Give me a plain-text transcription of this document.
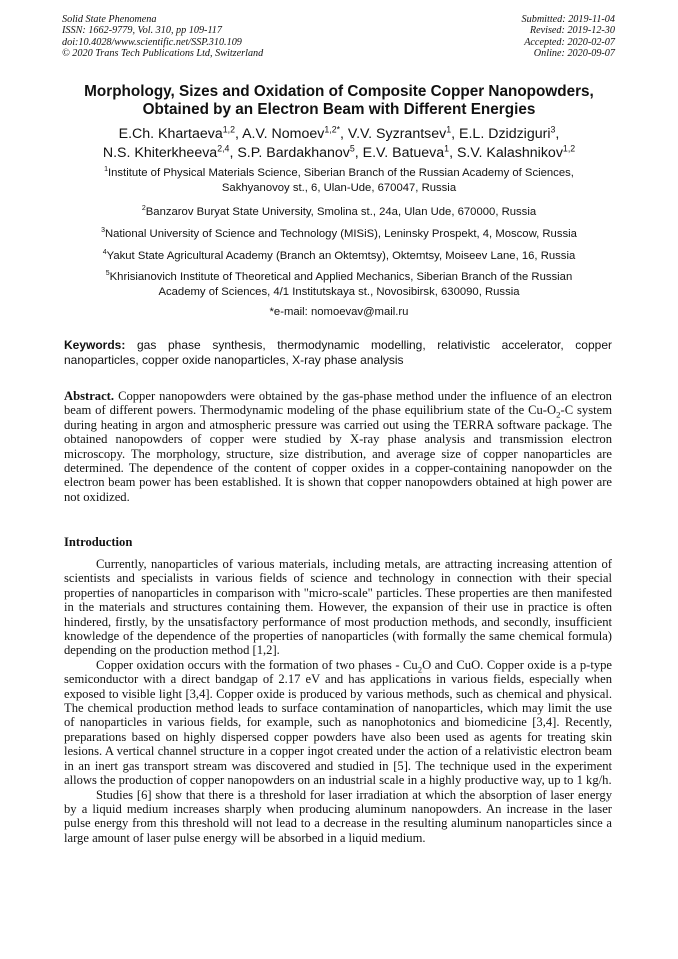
Solid State Phenomena
ISSN: 1662-9779, Vol. 310, pp 109-117
doi:10.4028/www.scientific.net/SSP.310.109
© 2020 Trans Tech Publications Ltd, Switzerland
Submitted: 2019-11-04
Revised: 2019-12-30
Accepted: 2020-02-07
Online: 2020-09-07
Morphology, Sizes and Oxidation of Composite Copper Nanopowders,
Obtained by an Electron Beam with Different Energies
E.Ch. Khartaeva$^{1,2}$, A.V. Nomoev$^{1,2*}$, V.V. Syzrantsev$^1$, E.L. Dzidziguri$^3$,
N.S. Khiterkheeva$^{2,4}$, S.P. Bardakhanov$^5$, E.V. Batueva$^1$, S.V. Kalashnikov$^{1,2}$
$^1$Institute of Physical Materials Science, Siberian Branch of the Russian Academy of Sciences,
Sakhyanovoy st., 6, Ulan-Ude, 670047, Russia
$^2$Banzarov Buryat State University, Smolina st., 24a, Ulan Ude, 670000, Russia
$^3$National University of Science and Technology (MISiS), Leninsky Prospekt, 4, Moscow, Russia
$^4$Yakut State Agricultural Academy (Branch an Oktemtsy), Oktemtsy, Moiseev Lane, 16, Russia
$^5$Khrisianovich Institute of Theoretical and Applied Mechanics, Siberian Branch of the Russian
Academy of Sciences, 4/1 Institutskaya st., Novosibirsk, 630090, Russia
*e-mail: nomoevav@mail.ru
Keywords: gas phase synthesis, thermodynamic modelling, relativistic accelerator, copper nanoparticles, copper oxide nanoparticles, X-ray phase analysis
Abstract. Copper nanopowders were obtained by the gas-phase method under the influence of an electron beam of different powers. Thermodynamic modeling of the phase equilibrium state of the $Cu-O_2-C$ system during heating in argon and atmospheric pressure was carried out using the TERRA software package. The obtained nanopowders of copper were studied by X-ray phase analysis and transmission electron microscopy. The morphology, structure, size distribution, and average size of copper nanoparticles are determined. The dependence of the content of copper oxides in a copper-containing nanopowder on the electron beam power has been established. It is shown that copper nanopowders obtained at high power are not oxidized.
Introduction

Currently, nanoparticles of various materials, including metals, are attracting increasing attention of scientists and specialists in various fields of science and technology in connection with their special properties of nanoparticles in comparison with "micro-scale" particles. These properties are then manifested in the materials and structures containing them. However, the expansion of their use in practice is often hindered, firstly, by the unsatisfactory performance of most production methods, and secondly, insufficient knowledge of the dependence of the properties of nanoparticles (with formally the same chemical formula) depending on the production method [1,2].

Copper oxidation occurs with the formation of two phases - $Cu_2O$ and CuO. Copper oxide is a p-type semiconductor with a direct bandgap of 2.17 eV and has applications in various fields, especially when exposed to visible light [3,4]. Copper oxide is produced by various methods, such as chemical and physical. The chemical production method leads to surface contamination of nanoparticles, which may limit the use of nanoparticles in various fields, for example, such as nanophotonics and biomedicine [3,4]. Recently, preparations based on highly dispersed copper powders have also been used as agents for treating skin lesions. A vertical channel structure in a copper ingot created under the action of a relativistic electron beam in an inert gas transport stream was discovered and studied in [5]. The technique used in the experiment allows the production of copper nanopowders on an industrial scale in a highly productive way, up to 1 kg/h.

Studies [6] show that there is a threshold for laser irradiation at which the absorption of laser energy by a liquid medium increases sharply when producing aluminum nanopowders. An increase in the laser pulse energy from this threshold will not lead to a decrease in the resulting aluminum nanoparticles since a large amount of laser pulse energy will be absorbed in a liquid medium.
